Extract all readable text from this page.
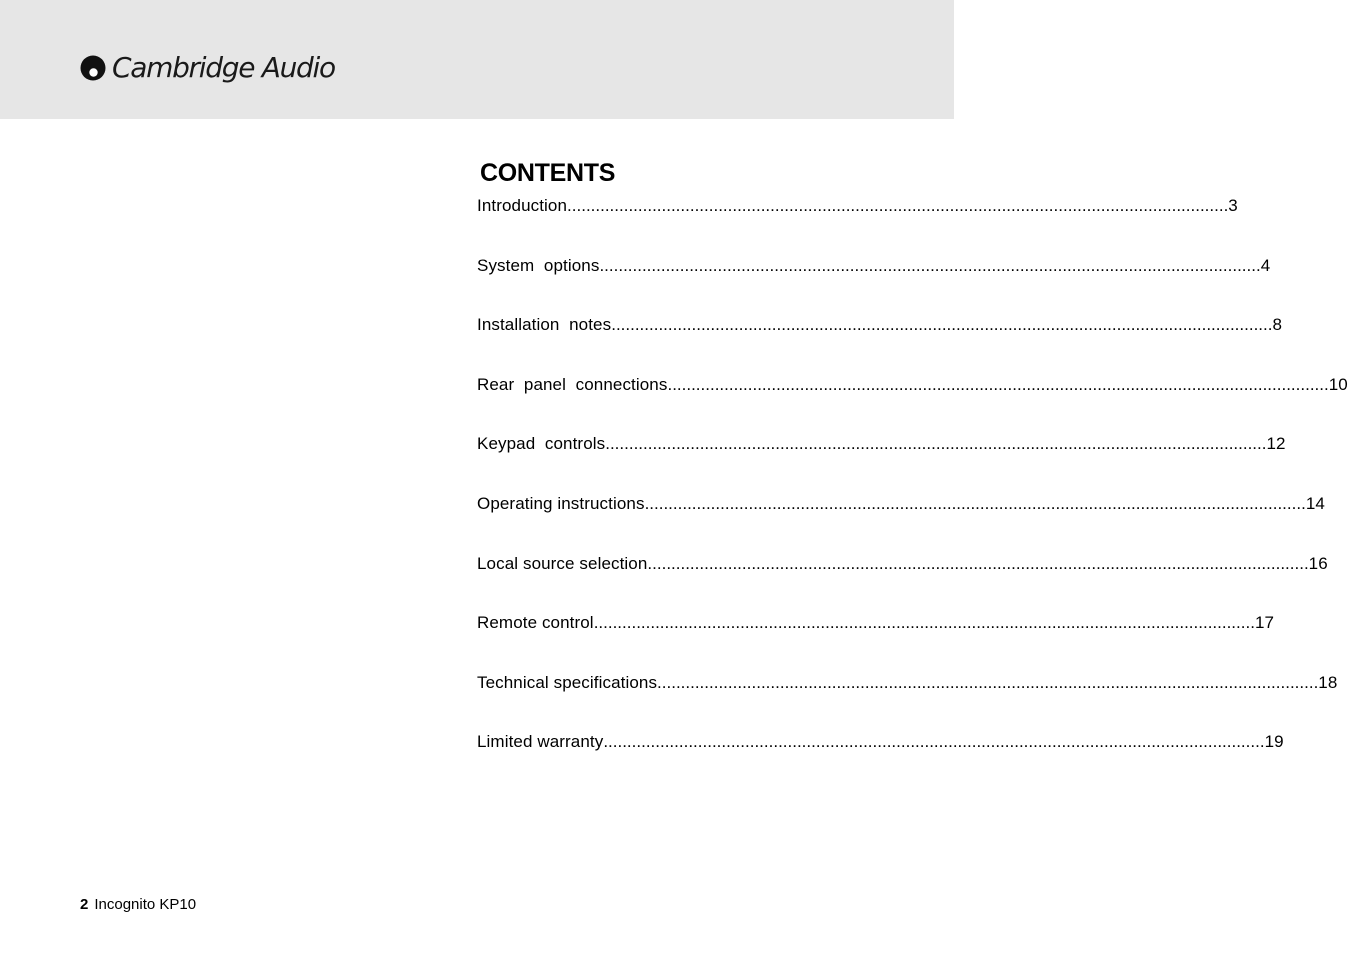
Cambridge Audio
CONTENTS
Introduction ............................................................................................................................................ 3
System  options ............................................................................................................................................ 4
Installation  notes ............................................................................................................................................ 8
Rear  panel  connections ............................................................................................................................................ 10
Keypad  controls ............................................................................................................................................ 12
Operating instructions ............................................................................................................................................ 14
Local source selection ............................................................................................................................................ 16
Remote control ............................................................................................................................................ 17
Technical specifications ............................................................................................................................................ 18
Limited warranty ............................................................................................................................................ 19
2 Incognito KP10
